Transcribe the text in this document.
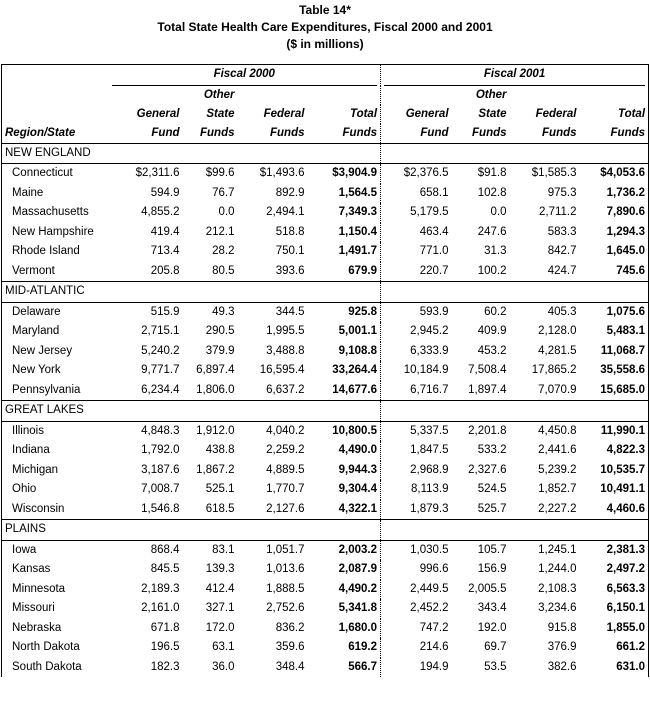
Table 14*
Total State Health Care Expenditures, Fiscal 2000 and 2001
($ in millions)

	Fiscal 2000				Fiscal 2001			

		Other				Other		
	General	State	Federal	Total	General	State	Federal	Total
Region/State	Fund	Funds	Funds	Funds	Fund	Funds	Funds	Funds
NEW ENGLAND								
Connecticut	$2,311.6	$99.6	$1,493.6	$3,904.9	$2,376.5	$91.8	$1,585.3	$4,053.6
Maine	594.9	76.7	892.9	1,564.5	658.1	102.8	975.3	1,736.2
Massachusetts	4,855.2	0.0	2,494.1	7,349.3	5,179.5	0.0	2,711.2	7,890.6
New Hampshire	419.4	212.1	518.8	1,150.4	463.4	247.6	583.3	1,294.3
Rhode Island	713.4	28.2	750.1	1,491.7	771.0	31.3	842.7	1,645.0
Vermont	205.8	80.5	393.6	679.9	220.7	100.2	424.7	745.6
MID-ATLANTIC								
Delaware	515.9	49.3	344.5	925.8	593.9	60.2	405.3	1,075.6
Maryland	2,715.1	290.5	1,995.5	5,001.1	2,945.2	409.9	2,128.0	5,483.1
New Jersey	5,240.2	379.9	3,488.8	9,108.8	6,333.9	453.2	4,281.5	11,068.7
New York	9,771.7	6,897.4	16,595.4	33,264.4	10,184.9	7,508.4	17,865.2	35,558.6
Pennsylvania	6,234.4	1,806.0	6,637.2	14,677.6	6,716.7	1,897.4	7,070.9	15,685.0
GREAT LAKES								
Illinois	4,848.3	1,912.0	4,040.2	10,800.5	5,337.5	2,201.8	4,450.8	11,990.1
Indiana	1,792.0	438.8	2,259.2	4,490.0	1,847.5	533.2	2,441.6	4,822.3
Michigan	3,187.6	1,867.2	4,889.5	9,944.3	2,968.9	2,327.6	5,239.2	10,535.7
Ohio	7,008.7	525.1	1,770.7	9,304.4	8,113.9	524.5	1,852.7	10,491.1
Wisconsin	1,546.8	618.5	2,127.6	4,322.1	1,879.3	525.7	2,227.2	4,460.6
PLAINS								
Iowa	868.4	83.1	1,051.7	2,003.2	1,030.5	105.7	1,245.1	2,381.3
Kansas	845.5	139.3	1,013.6	2,087.9	996.6	156.9	1,244.0	2,497.2
Minnesota	2,189.3	412.4	1,888.5	4,490.2	2,449.5	2,005.5	2,108.3	6,563.3
Missouri	2,161.0	327.1	2,752.6	5,341.8	2,452.2	343.4	3,234.6	6,150.1
Nebraska	671.8	172.0	836.2	1,680.0	747.2	192.0	915.8	1,855.0
North Dakota	196.5	63.1	359.6	619.2	214.6	69.7	376.9	661.2
South Dakota	182.3	36.0	348.4	566.7	194.9	53.5	382.6	631.0
